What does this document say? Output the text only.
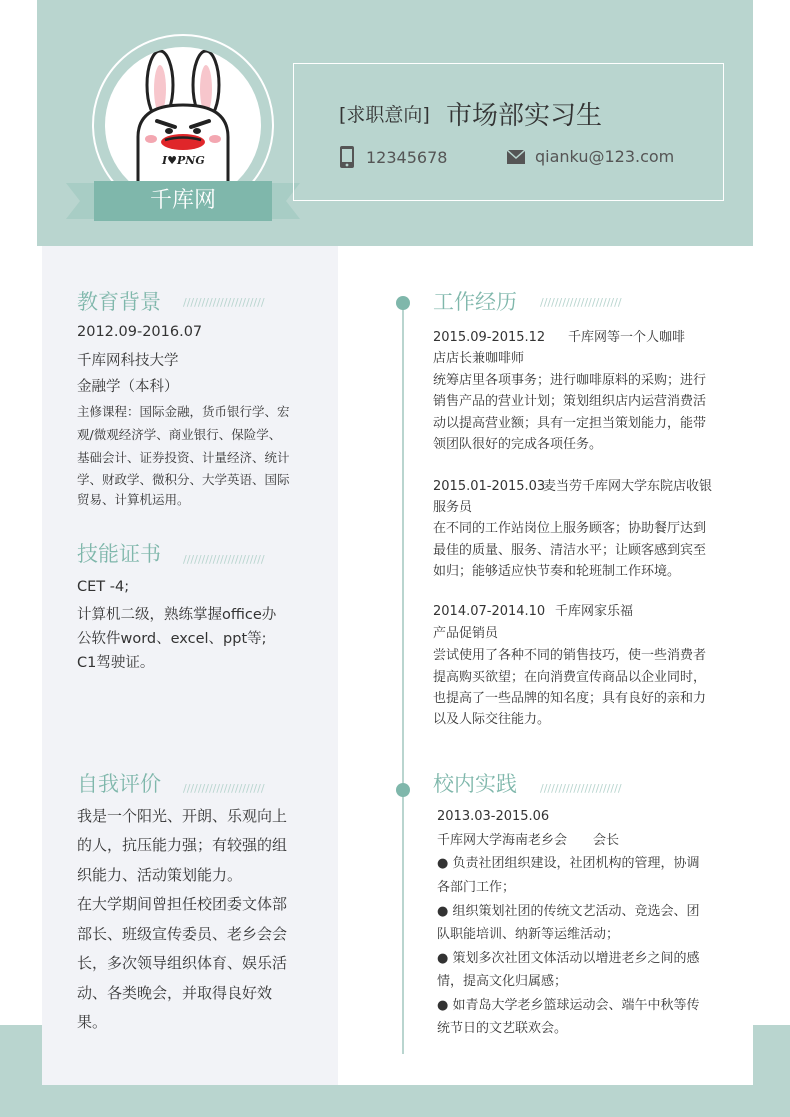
I♥PNG
千库网
[求职意向] 市场部实习生
12345678	qianku@123.com
教育背景 //////////////////////
2012.09-2016.07
千库网科技大学
金融学（本科）
主修课程：国际金融，货币银行学、宏
观/微观经济学、商业银行、保险学、
基础会计、证券投资、计量经济、统计
学、财政学、微积分、大学英语、国际
贸易、计算机运用。
技能证书 //////////////////////
CET -4;
计算机二级，熟练掌握office办
公软件word、excel、ppt等;
C1驾驶证。
自我评价 //////////////////////
我是一个阳光、开朗、乐观向上
的人，抗压能力强；有较强的组
织能力、活动策划能力。
在大学期间曾担任校团委文体部
部长、班级宣传委员、老乡会会
长，多次领导组织体育、娱乐活
动、各类晚会，并取得良好效
果。
工作经历 //////////////////////
2015.09-2015.12 千库网等一个人咖啡
店店长兼咖啡师
统筹店里各项事务；进行咖啡原料的采购；进行
销售产品的营业计划；策划组织店内运营消费活
动以提高营业额；具有一定担当策划能力，能带
领团队很好的完成各项任务。
2015.01-2015.03
麦当劳千库网大学东院店收银
服务员
在不同的工作站岗位上服务顾客；协助餐厅达到
最佳的质量、服务、清洁水平；让顾客感到宾至
如归；能够适应快节奏和轮班制工作环境。
2014.07-2014.10 千库网家乐福
产品促销员
尝试使用了各种不同的销售技巧，使一些消费者
提高购买欲望；在向消费宣传商品以企业同时，
也提高了一些品牌的知名度；具有良好的亲和力
以及人际交往能力。
校内实践 //////////////////////
2013.03-2015.06
千库网大学海南老乡会 会长
● 负责社团组织建设，社团机构的管理，协调
各部门工作；
● 组织策划社团的传统文艺活动、竞选会、团
队职能培训、纳新等运维活动；
● 策划多次社团文体活动以增进老乡之间的感
情，提高文化归属感；
● 如青岛大学老乡篮球运动会、端午中秋等传
统节日的文艺联欢会。
